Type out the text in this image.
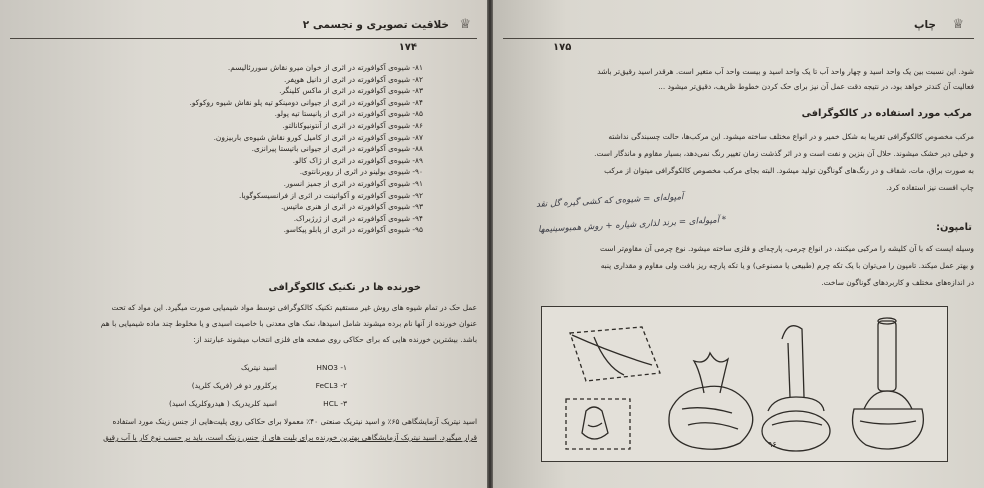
♕
خلاقیت تصویری و تجسمی ۲
۱۷۴
۸۱- شیوه‌ی آکوافورته در اثری از خوان میرو نقاش سوررئالیسم.
۸۲- شیوه‌ی آکوافورته در اثری از دانیل هوپفر.
۸۳- شیوه‌ی آکوافورته در اثری از ماکس کلینگر.
۸۴- شیوه‌ی آکوافورته در اثری از جیوانی دومینکو تیه پلو نقاش شیوه روکوکو.
۸۵- شیوه‌ی آکوافورته در اثری از پانیستا تیه پولو.
۸۶- شیوه‌ی آکوافورته در اثری از آنتونیوکانالتو.
۸۷- شیوه‌ی آکوافورته در اثری از کامیل کورو نقاش شیوه‌ی باربیزون.
۸۸- شیوه‌ی آکوافورته در اثری از جیوانی باتیستا پیرانزی.
۸۹- شیوه‌ی آکوافورته در اثری از ژاک کالو.
۹۰- شیوه‌ی بولینو در اثری از روبرنانتوی.
۹۱- شیوه‌ی آکوافورته در اثری از جمیز انسور.
۹۲- شیوه‌ی آکوافورته و آکواتینت در اثری از فرانسیسکوگویا.
۹۳- شیوه‌ی آکوافورته در اثری از هنری ماتیس.
۹۴- شیوه‌ی آکوافورته در اثری از ژرژبراک.
۹۵- شیوه‌ی آکوافورته در اثری از پابلو پیکاسو.
خورنده ها در تکنیک کالکوگرافی
عمل حک در تمام شیوه های روش غیر مستقیم تکنیک کالکوگرافی توسط مواد شیمیایی صورت میگیرد. این مواد که تحت
عنوان خورنده از آنها نام برده میشوند شامل اسیدها، نمک های معدنی با خاصیت اسیدی و یا مخلوط چند ماده شیمیایی با هم
باشد. بیشترین خورنده هایی که برای حکاکی روی صفحه های فلزی انتخاب میشوند عبارتند از:
HNO3 -۱
اسید نیتریک
FeCL3 -۲
پرکلرور دو فر (فریک کلرید)
HCL -۳
اسید کلریدریک ( هیدروکلریک اسید)
اسید نیتریک آزمایشگاهی ۶۵٪ و اسید نیتریک صنعتی ۴۰٪ معمولا برای حکاکی روی پلیت‌هایی از جنس زینک مورد استفاده
قرار میگیرد. اسید نیتریک آزمایشگاهی بهترین خورنده برای پلیت های از جنس زینک است، باید بر حسب نوع کار با آب رقیق
♕
چاپ
۱۷۵
شود. این نسبت بین یک واحد اسید و چهار واحد آب تا یک واحد اسید و بیست واحد آب متغیر است. هرقدر اسید رقیق‌تر باشد
فعالیت آن کندتر خواهد بود، در نتیجه دقت عمل آن نیز برای حک کردن خطوط ظریف، دقیق‌تر میشود ...
مرکب مورد استفاده در کالکوگرافی
مرکب مخصوص کالکوگرافی تقریبا به شکل خمیر و در انواع مختلف ساخته میشود. این مرکب‌ها، حالت چسبندگی نداشته
و خیلی دیر خشک میشوند. حلال آن بنزین و نفت است و در اثر گذشت زمان تغییر رنگ نمی‌دهد، بسیار مقاوم و ماندگار است.
به صورت براق، مات، شفاف و در رنگ‌های گوناگون تولید میشود. البته بجای مرکب مخصوص کالکوگرافی میتوان از مرکب
چاپ افست نیز استفاده کرد.
آمپوله‌ای = شیوه‌ی که کشی گیره گل نقد
* آمپوله‌ای = برند لذاری شیاره + روش همبوسینیمها	تامپون:
وسیله ایست که با آن کلیشه را مرکبی میکنند، در انواع چرمی، پارچه‌ای و فلزی ساخته میشود. نوع چرمی آن مقاوم‌تر است
و بهتر عمل میکند. تامپون را می‌توان با یک تکه چرم (طبیعی یا مصنوعی) و یا تکه پارچه ریز بافت ولی مقاوم و مقداری پنبه
در اندازه‌های مختلف و کاربردهای گوناگون ساخت.
۹۶
